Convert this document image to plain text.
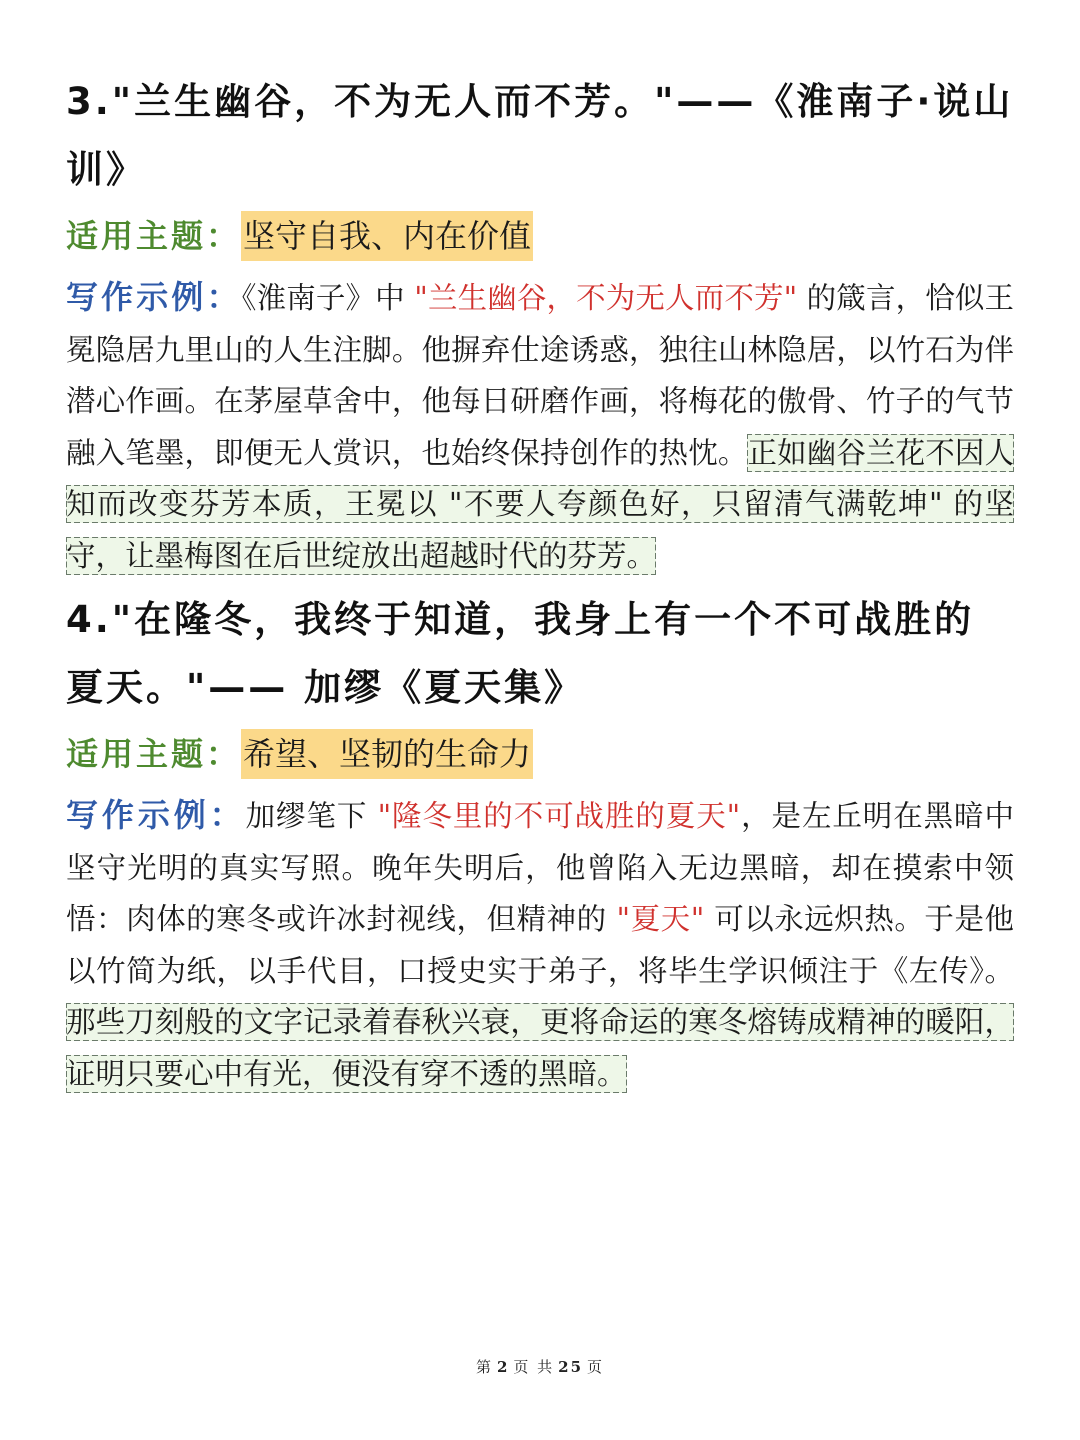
3."兰生幽谷，不为无人而不芳。"——《淮南子·说山训》
适用主题：坚守自我、内在价值
写作示例：《淮南子》中 "兰生幽谷，不为无人而不芳" 的箴言，恰似王冕隐居九里山的人生注脚。他摒弃仕途诱惑，独往山林隐居，以竹石为伴潜心作画。在茅屋草舍中，他每日研磨作画，将梅花的傲骨、竹子的气节融入笔墨，即便无人赏识，也始终保持创作的热忱。正如幽谷兰花不因人知而改变芬芳本质，王冕以 "不要人夸颜色好，只留清气满乾坤" 的坚守，让墨梅图在后世绽放出超越时代的芬芳。
4."在隆冬，我终于知道，我身上有一个不可战胜的夏天。"—— 加缪《夏天集》
适用主题：希望、坚韧的生命力
写作示例：加缪笔下 "隆冬里的不可战胜的夏天"，是左丘明在黑暗中坚守光明的真实写照。晚年失明后，他曾陷入无边黑暗，却在摸索中领悟：肉体的寒冬或许冰封视线，但精神的 "夏天" 可以永远炽热。于是他以竹简为纸，以手代目，口授史实于弟子，将毕生学识倾注于《左传》。那些刀刻般的文字记录着春秋兴衰，更将命运的寒冬熔铸成精神的暖阳，证明只要心中有光，便没有穿不透的黑暗。
第 2 页 共 25 页
